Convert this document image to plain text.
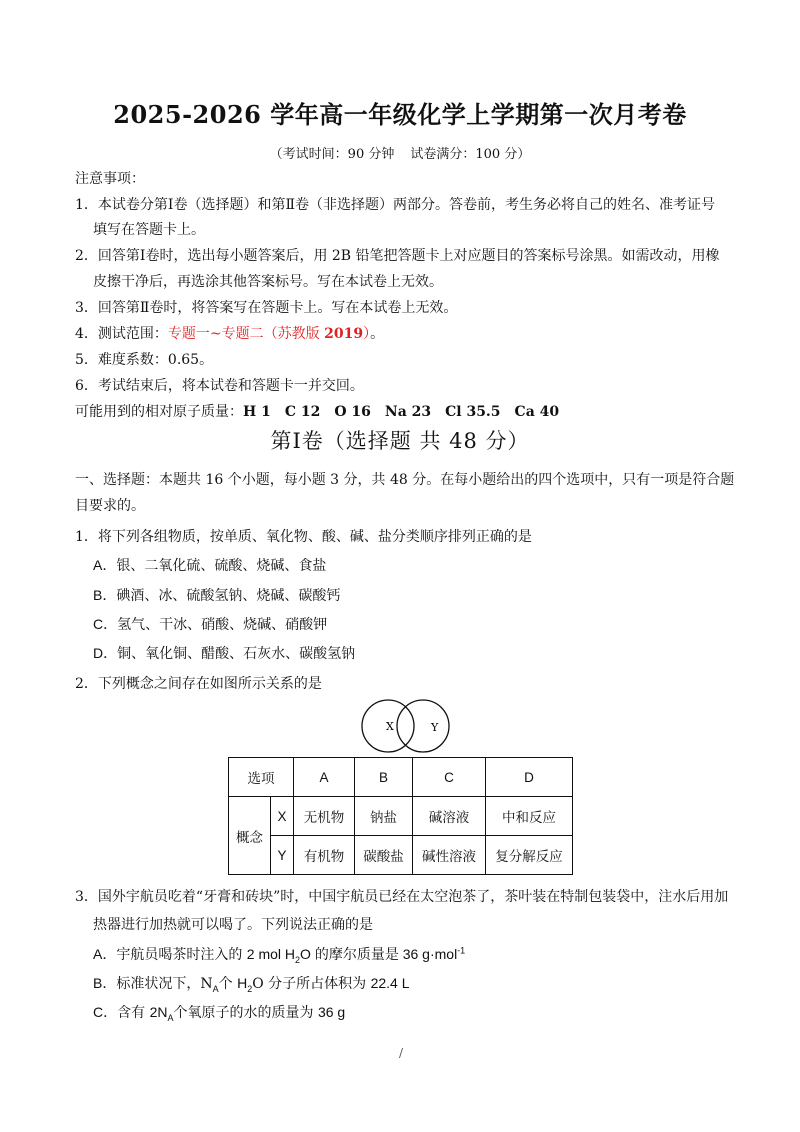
2025-2026 学年高一年级化学上学期第一次月考卷
（考试时间：90 分钟 试卷满分：100 分）
注意事项：
1．本试卷分第Ⅰ卷（选择题）和第Ⅱ卷（非选择题）两部分。答卷前，考生务必将自己的姓名、准考证号
填写在答题卡上。
2．回答第Ⅰ卷时，选出每小题答案后，用 2B 铅笔把答题卡上对应题目的答案标号涂黑。如需改动，用橡
皮擦干净后，再选涂其他答案标号。写在本试卷上无效。
3．回答第Ⅱ卷时，将答案写在答题卡上。写在本试卷上无效。
4．测试范围：专题一~专题二（苏教版 2019）。
5．难度系数：0.65。
6．考试结束后，将本试卷和答题卡一并交回。
可能用到的相对原子质量：H 1　C 12　O 16　Na 23　Cl 35.5　Ca 40
第Ⅰ卷（选择题 共 48 分）
一、选择题：本题共 16 个小题，每小题 3 分，共 48 分。在每小题给出的四个选项中，只有一项是符合题
目要求的。
1．将下列各组物质，按单质、氧化物、酸、碱、盐分类顺序排列正确的是
A．银、二氧化硫、硫酸、烧碱、食盐
B．碘酒、冰、硫酸氢钠、烧碱、碳酸钙
C．氢气、干冰、硝酸、烧碱、硝酸钾
D．铜、氧化铜、醋酸、石灰水、碳酸氢钠
2．下列概念之间存在如图所示关系的是
X	Y
选项		A	B	C	D
概念	X	无机物	钠盐	碱溶液	中和反应
	Y	有机物	碳酸盐	碱性溶液	复分解反应
3．国外宇航员吃着“牙膏和砖块”时，中国宇航员已经在太空泡茶了，茶叶装在特制包装袋中，注水后用加
热器进行加热就可以喝了。下列说法正确的是
A．宇航员喝茶时注入的 2 mol $H_2O$ 的摩尔质量是 36 g·mol$^{-1}$
B．标准状况下，$N_A$个 $H_2O$ 分子所占体积为 22.4 L
C．含有 $2N_A$个氧原子的水的质量为 36 g
/
